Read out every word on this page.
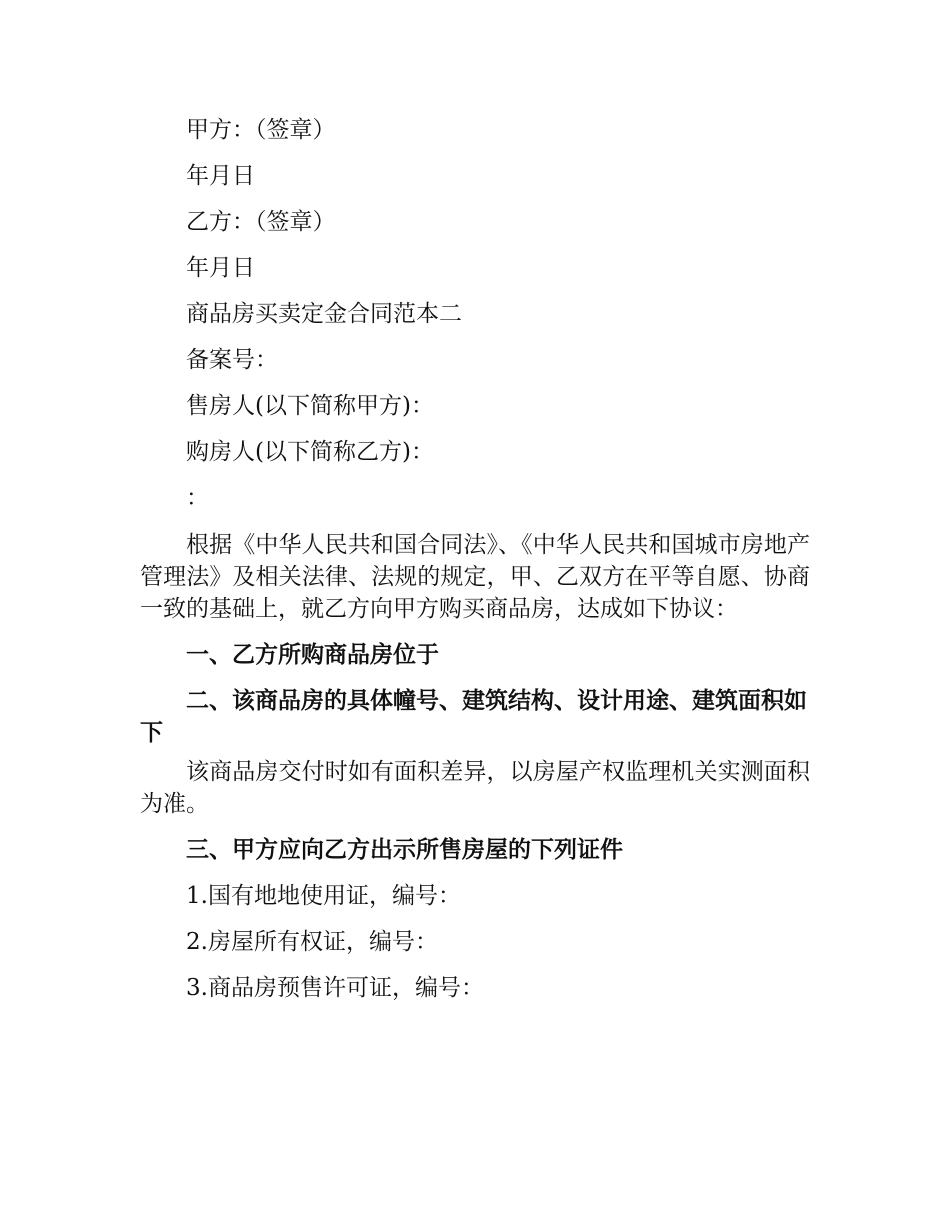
甲方：（签章）

年月日

乙方：（签章）

年月日

商品房买卖定金合同范本二

备案号：

售房人(以下简称甲方)：

购房人(以下简称乙方)：

：

根据《中华人民共和国合同法》、《中华人民共和国城市房地产管理法》及相关法律、法规的规定，甲、乙双方在平等自愿、协商一致的基础上，就乙方向甲方购买商品房，达成如下协议：

一、乙方所购商品房位于

二、该商品房的具体幢号、建筑结构、设计用途、建筑面积如下

该商品房交付时如有面积差异，以房屋产权监理机关实测面积为准。

三、甲方应向乙方出示所售房屋的下列证件

1.国有地地使用证，编号：

2.房屋所有权证，编号：

3.商品房预售许可证，编号：
